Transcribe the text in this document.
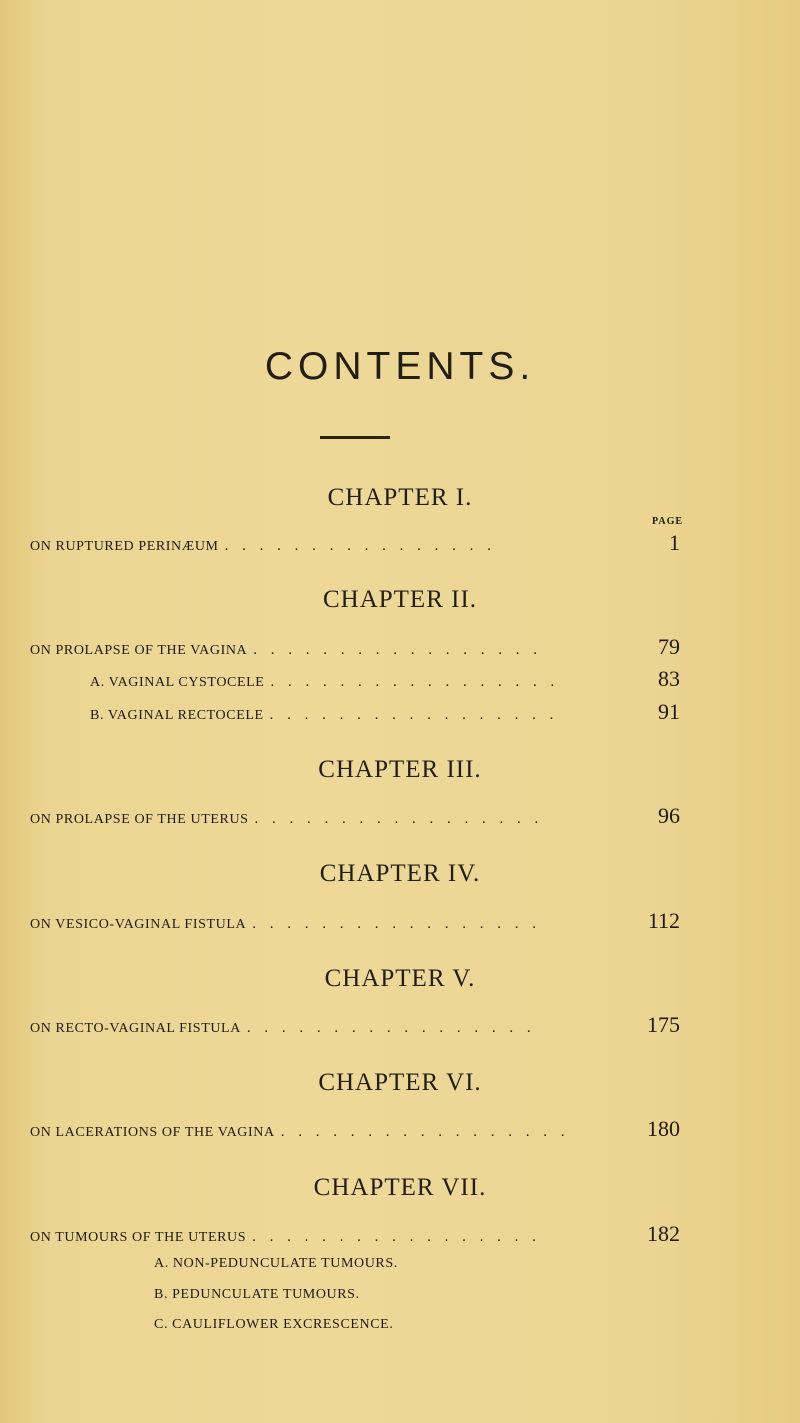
CONTENTS.
CHAPTER I.
PAGE
ON RUPTURED PERINÆUM . . . . . . . . . . . . . . . .	1
CHAPTER II.
ON PROLAPSE OF THE VAGINA . . . . . . . . . . . . . . . . .	79
A. VAGINAL CYSTOCELE . . . . . . . . . . . . . . . . .	83
B. VAGINAL RECTOCELE . . . . . . . . . . . . . . . . .	91
CHAPTER III.
ON PROLAPSE OF THE UTERUS . . . . . . . . . . . . . . . . .	96
CHAPTER IV.
ON VESICO-VAGINAL FISTULA . . . . . . . . . . . . . . . . .	112
CHAPTER V.
ON RECTO-VAGINAL FISTULA . . . . . . . . . . . . . . . . .	175
CHAPTER VI.
ON LACERATIONS OF THE VAGINA . . . . . . . . . . . . . . . . .	180
CHAPTER VII.
ON TUMOURS OF THE UTERUS . . . . . . . . . . . . . . . . .	182
A. NON-PEDUNCULATE TUMOURS.
B. PEDUNCULATE TUMOURS.
C. CAULIFLOWER EXCRESCENCE.
